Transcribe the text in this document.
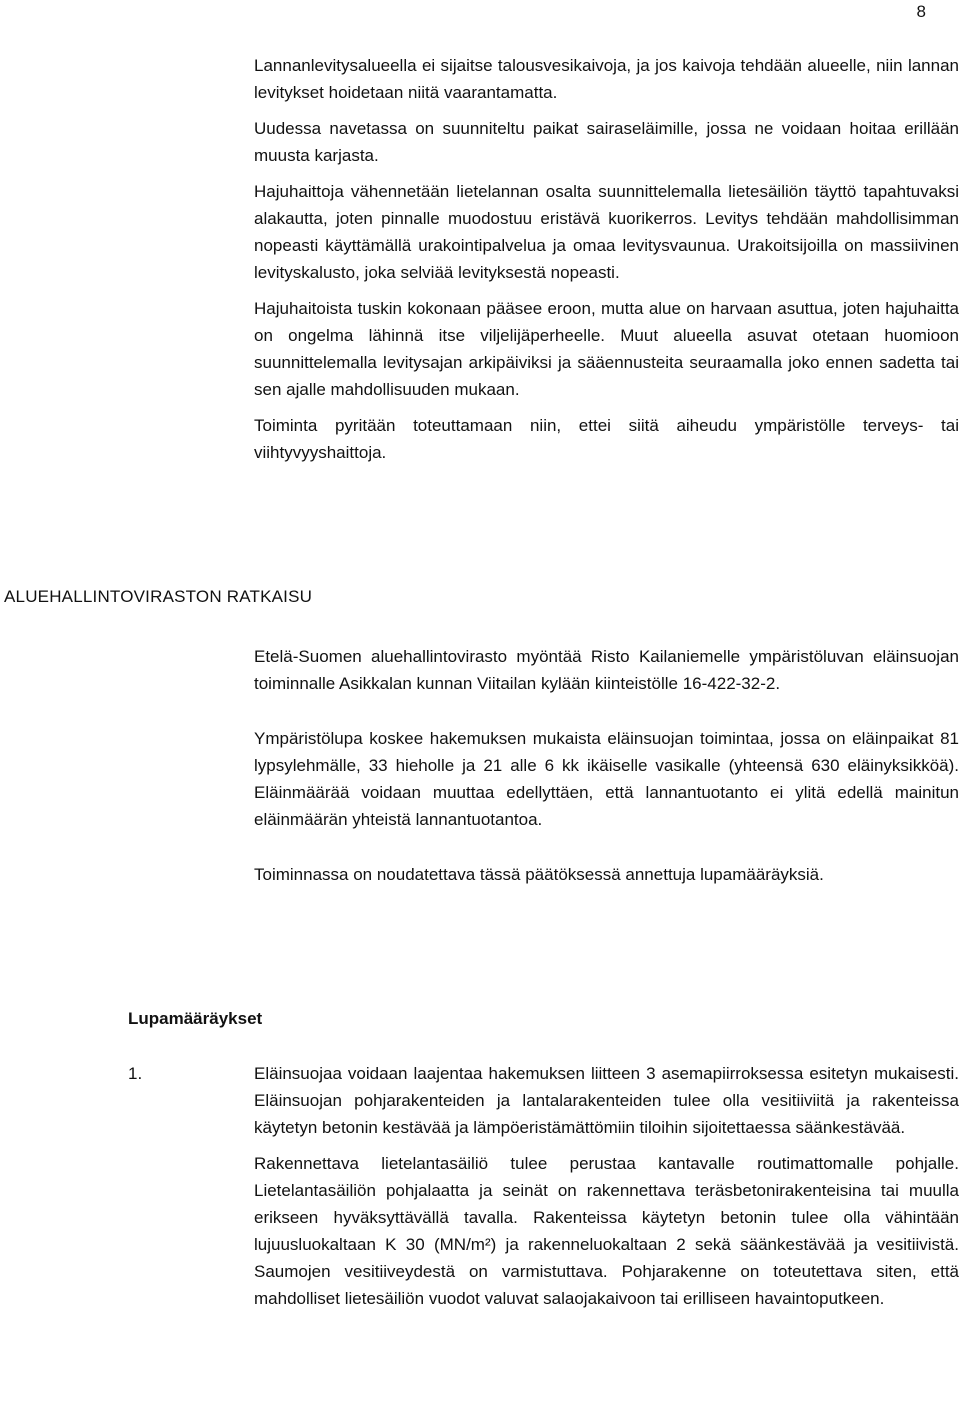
8

Lannanlevitysalueella ei sijaitse talousvesikaivoja, ja jos kaivoja tehdään alueelle, niin lannan levitykset hoidetaan niitä vaarantamatta.

Uudessa navetassa on suunniteltu paikat sairaseläimille, jossa ne voidaan hoitaa erillään muusta karjasta.

Hajuhaittoja vähennetään lietelannan osalta suunnittelemalla lietesäiliön täyttö tapahtuvaksi alakautta, joten pinnalle muodostuu eristävä kuorikerros. Levitys tehdään mahdollisimman nopeasti käyttämällä urakointipalvelua ja omaa levitysvaunua. Urakoitsijoilla on massiivinen levityskalusto, joka selviää levityksestä nopeasti.

Hajuhaitoista tuskin kokonaan pääsee eroon, mutta alue on harvaan asuttua, joten hajuhaitta on ongelma lähinnä itse viljelijäperheelle. Muut alueella asuvat otetaan huomioon suunnittelemalla levitysajan arkipäiviksi ja sääennusteita seuraamalla joko ennen sadetta tai sen ajalle mahdollisuuden mukaan.

Toiminta pyritään toteuttamaan niin, ettei siitä aiheudu ympäristölle terveys- tai viihtyvyyshaittoja.

ALUEHALLINTOVIRASTON RATKAISU

Etelä-Suomen aluehallintovirasto myöntää Risto Kailaniemelle ympäristöluvan eläinsuojan toiminnalle Asikkalan kunnan Viitailan kylään kiinteistölle 16-422-32-2.

Ympäristölupa koskee hakemuksen mukaista eläinsuojan toimintaa, jossa on eläinpaikat 81 lypsylehmälle, 33 hieholle ja 21 alle 6 kk ikäiselle vasikalle (yhteensä 630 eläinyksikköä). Eläinmäärää voidaan muuttaa edellyttäen, että lannantuotanto ei ylitä edellä mainitun eläinmäärän yhteistä lannantuotantoa.

Toiminnassa on noudatettava tässä päätöksessä annettuja lupamääräyksiä.

Lupamääräykset
1.	Eläinsuojaa voidaan laajentaa hakemuksen liitteen 3 asemapiirroksessa esitetyn mukaisesti. Eläinsuojan pohjarakenteiden ja lantalarakenteiden tulee olla vesitiiviitä ja rakenteissa käytetyn betonin kestävää ja lämpöeristämättömiin tiloihin sijoitettaessa säänkestävää.

Rakennettava lietelantasäiliö tulee perustaa kantavalle routimattomalle pohjalle. Lietelantasäiliön pohjalaatta ja seinät on rakennettava teräsbetonirakenteisina tai muulla erikseen hyväksyttävällä tavalla. Rakenteissa käytetyn betonin tulee olla vähintään lujuusluokaltaan K 30 (MN/m²) ja rakenneluokaltaan 2 sekä säänkestävää ja vesitiivistä. Saumojen vesitiiveydestä on varmistuttava. Pohjarakenne on toteutettava siten, että mahdolliset lietesäiliön vuodot valuvat salaojakaivoon tai erilliseen havaintoputkeen.
